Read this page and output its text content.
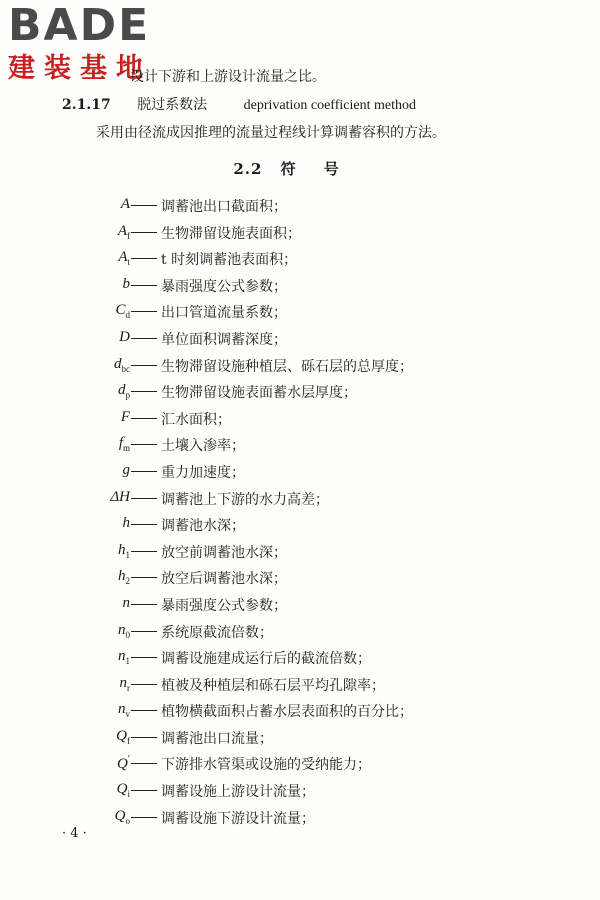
BADE
建装基地
设计下游和上游设计流量之比。
2.1.17 脱过系数法	deprivation coefficient method
采用由径流成因推理的流量过程线计算调蓄容积的方法。
2.2 符号
A 调蓄池出口截面积；
$A_f$ 生物滞留设施表面积；
$A_t$ t 时刻调蓄池表面积；
b 暴雨强度公式参数；
$C_d$ 出口管道流量系数；
D 单位面积调蓄深度；
$d_{bc}$ 生物滞留设施种植层、砾石层的总厚度；
$d_p$ 生物滞留设施表面蓄水层厚度；
F 汇水面积；
$f_m$ 土壤入渗率；
g 重力加速度；
ΔH 调蓄池上下游的水力高差；
h 调蓄池水深；
$h_1$ 放空前调蓄池水深；
$h_2$ 放空后调蓄池水深；
n 暴雨强度公式参数；
$n_0$ 系统原截流倍数；
$n_1$ 调蓄设施建成运行后的截流倍数；
$n_r$ 植被及种植层和砾石层平均孔隙率；
$n_v$ 植物横截面积占蓄水层表面积的百分比；
$Q_f$ 调蓄池出口流量；
Q′ 下游排水管渠或设施的受纳能力；
$Q_i$ 调蓄设施上游设计流量；
$Q_o$ 调蓄设施下游设计流量；
· 4 ·
